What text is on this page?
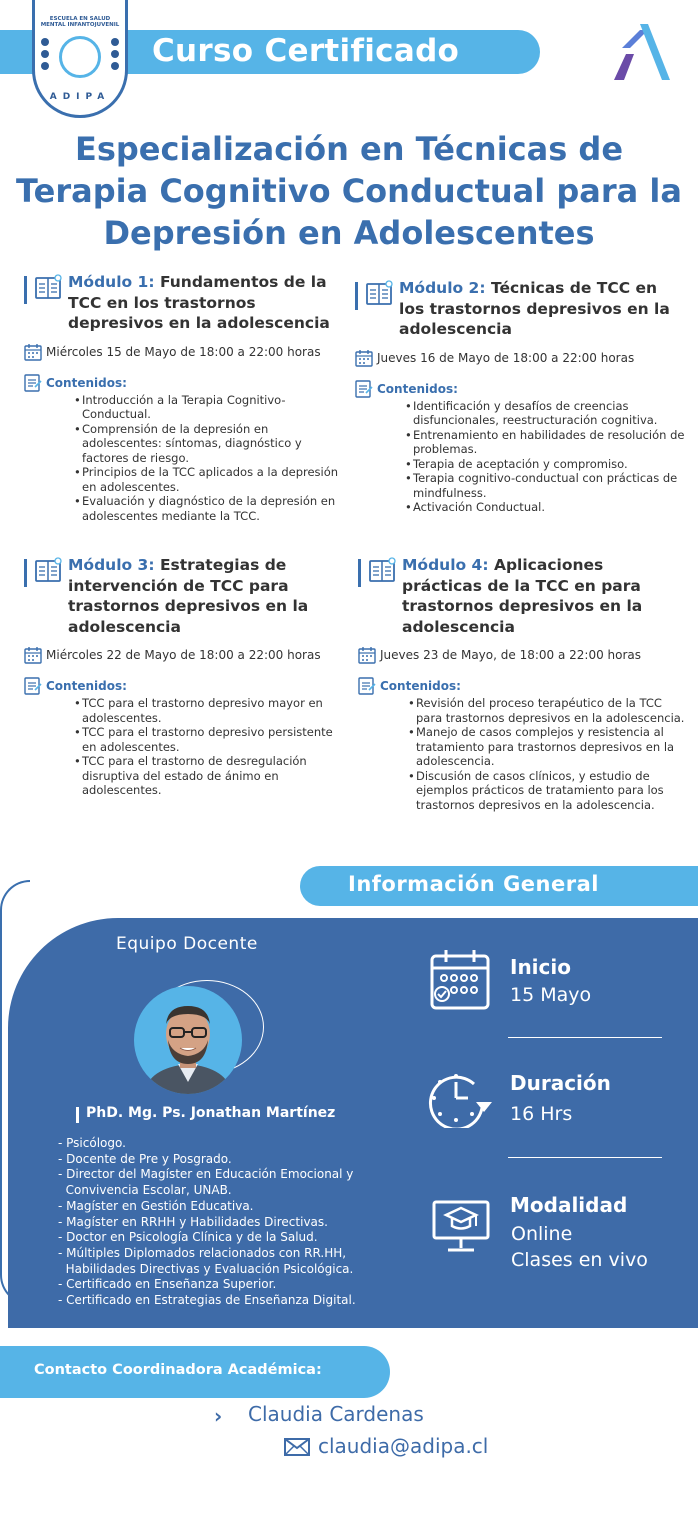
Curso Certificado
ESCUELA EN SALUD MENTAL INFANTOJUVENIL
ADIPA
Especialización en Técnicas de Terapia Cognitivo Conductual para la Depresión en Adolescentes
Módulo 1: Fundamentos de la TCC en los trastornos depresivos en la adolescencia
Miércoles 15 de Mayo de 18:00 a 22:00 horas
Contenidos:
• Introducción a la Terapia Cognitivo-Conductual.
• Comprensión de la depresión en adolescentes: síntomas, diagnóstico y factores de riesgo.
• Principios de la TCC aplicados a la depresión en adolescentes.
• Evaluación y diagnóstico de la depresión en adolescentes mediante la TCC.
Módulo 2: Técnicas de TCC en los trastornos depresivos en la adolescencia
Jueves 16 de Mayo de 18:00 a 22:00 horas
Contenidos:
• Identificación y desafíos de creencias disfuncionales, reestructuración cognitiva.
• Entrenamiento en habilidades de resolución de problemas.
• Terapia de aceptación y compromiso.
• Terapia cognitivo-conductual con prácticas de mindfulness.
• Activación Conductual.
Módulo 3: Estrategias de intervención de TCC para trastornos depresivos en la adolescencia
Miércoles 22 de Mayo de 18:00 a 22:00 horas
Contenidos:
• TCC para el trastorno depresivo mayor en adolescentes.
• TCC para el trastorno depresivo persistente en adolescentes.
• TCC para el trastorno de desregulación disruptiva del estado de ánimo en adolescentes.
Módulo 4: Aplicaciones prácticas de la TCC en para trastornos depresivos en la adolescencia
Jueves 23 de Mayo, de 18:00 a 22:00 horas
Contenidos:
• Revisión del proceso terapéutico de la TCC para trastornos depresivos en la adolescencia.
• Manejo de casos complejos y resistencia al tratamiento para trastornos depresivos en la adolescencia.
• Discusión de casos clínicos, y estudio de ejemplos prácticos de tratamiento para los trastornos depresivos en la adolescencia.
Información General
Equipo Docente
PhD. Mg. Ps. Jonathan Martínez
- Psicólogo.
- Docente de Pre y Posgrado.
- Director del Magíster en Educación Emocional y
Convivencia Escolar, UNAB.
- Magíster en Gestión Educativa.
- Magíster en RRHH y Habilidades Directivas.
- Doctor en Psicología Clínica y de la Salud.
- Múltiples Diplomados relacionados con RR.HH,
Habilidades Directivas y Evaluación Psicológica.
- Certificado en Enseñanza Superior.
- Certificado en Estrategias de Enseñanza Digital.
Inicio
15 Mayo
Duración
16 Hrs
Modalidad
Online
Clases en vivo
Contacto Coordinadora Académica:
› Claudia Cardenas
claudia@adipa.cl
